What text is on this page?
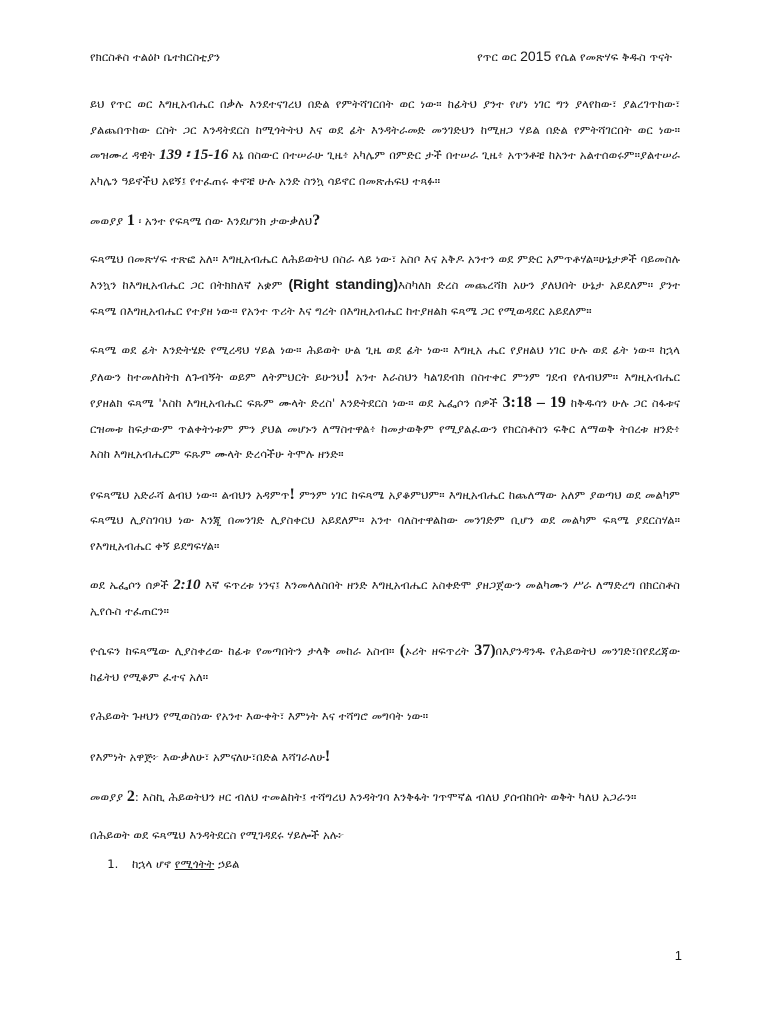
የክርስቶስ ተልዕኮ ቤተክርስቲያን	የጥር ወር 2015 የሴል የመጽሃፍ ቅዱስ ጥናት

ይህ የጥር ወር እግዚአብሔር በቃሉ እንደተናገረህ በድል የምትሻገርበት ወር ነው። ከፊትህ ያንተ የሆነ ነገር ግን ያላየከው፣ ያልረገጥከው፣ ያልጨበጥከው ርስት ጋር እንዳትደርስ ከሚጎትትህ እና ወደ ፊት እንዳትራመድ መንገድህን ከሚዘጋ ሃይል በድል የምትሻገርበት ወር ነው። መዝሙረ ዳዊት 139 ፡ 15-16 እኔ በስውር በተሠራሁ ጊዜ፥ አካሌም በምድር ታች በተሠራ ጊዜ፥ አጥንቶቼ ከአንተ አልተሰወሩም።ያልተሠራ አካሌን ዓይኖችህ አዩኝ፤ የተፈጠሩ ቀኖቼ ሁሉ አንድ ስንኳ ሳይኖር በመጽሐፍህ ተጻፉ።

መወያያ 1 ፡ አንተ የፍጻሜ ሰው እንደሆንክ ታውቃለህ?

ፍጻሜህ በመጽሃፍ ተጽፎ አለ። እግዚአብሔር ለሕይወትህ በስራ ላይ ነው፣ አስቦ እና አቅዶ አንተን ወደ ምድር አምጥቶሃል።ሁኔታዎች ባይመስሉ እንኳን ከእግዚአብሔር ጋር በትክክለኛ አቋም (Right standing)እስካለክ ድረስ መጨረሻክ አሁን ያለህበት ሁኔታ አይደለም። ያንተ ፍጻሜ በእግዚአብሔር የተያዘ ነው። የአንተ ጥሪት እና ግረት በእግዚአብሔር ከተያዘልክ ፍጻሜ ጋር የሚወዳደር አይደለም።

ፍጻሜ ወደ ፊት እንድትሄድ የሚረዳህ ሃይል ነው። ሕይወት ሁል ጊዜ ወደ ፊት ነው። እግዚአ ሔር የያዘልህ ነገር ሁሉ ወደ ፊት ነው። ከኋላ ያለውን ከተመለከትክ ለጉብኝት ወይም ለትምህርት ይሁንህ! አንተ እራስህን ካልገደብክ በስተቀር ምንም ገደብ የለብህም። እግዚአብሔር የያዘልክ ፍጻሜ 'እስከ እግዚአብሔር ፍጹም ሙላት ድረስ' እንድትደርስ ነው። ወደ ኤፌሶን ሰዎች 3:18 – 19 ከቅዱሳን ሁሉ ጋር ስፋቱና ርዝመቱ ከፍታውም ጥልቀትነቱም ምን ያህል መሆኑን ለማስተዋል፥ ከመታወቅም የሚያልፈውን የክርስቶስን ፍቅር ለማወቅ ትበረቱ ዘንድ፥ እስከ እግዚአብሔርም ፍጹም ሙላት ድረሳችሁ ትሞሉ ዘንድ።

የፍጻሜህ አድራሻ ልብህ ነው። ልብህን አዳምጥ! ምንም ነገር ከፍጻሜ አያቆምህም። እግዚአብሔር ከጨለማው አለም ያወጣህ ወደ መልካም ፍጻሜህ ሊያስገባህ ነው እንጂ በመንገድ ሊያስቀርህ አይደለም። አንተ ባለስተዋልከው መንገድም ቢሆን ወደ መልካም ፍጻሜ ያደርስሃል። የእግዚአብሔር ቀኝ ይደግፍሃል።

ወደ ኤፌሶን ሰዎች 2:10 እኛ ፍጥረቱ ነንና፤ እንመላለስበት ዘንድ እግዚአብሔር አስቀድሞ ያዘጋጀውን መልካሙን ሥራ ለማድረግ በክርስቶስ ኢየሱስ ተፈጠርን።

ዮሴፍን ከፍጻሜው ሊያስቀረው ከፊቱ የመጣበትን ታላቅ መከራ አስብ። (ኦሪት ዘፍጥረት 37)በእያንዳንዱ የሕይወትህ መንገድ፣በየደረጃው ከፊትህ የሚቆም ፈተና አለ።

የሕይወት ጉዞህን የሚወስነው የአንተ እውቀት፣ እምነት እና ተሻግሮ መግባት ነው።

የእምነት አዋጅ፦ እውቃለሁ፣ አምናለሁ፣በድል እሻገራለሁ!

መወያያ 2: እስኪ ሕይወትህን ዞር ብለህ ተመልከት፤ ተሻግረህ እንዳትገባ እንቅፋት ገጥሞኛል ብለህ ያሰብከበት ወቅት ካለህ አጋራን።

በሕይወት ወደ ፍጻሜህ እንዳትደርስ የሚገዳደሩ ሃይሎች አሉ፦

1. ከኋላ ሆኖ የሚጎትት ኃይል
1
